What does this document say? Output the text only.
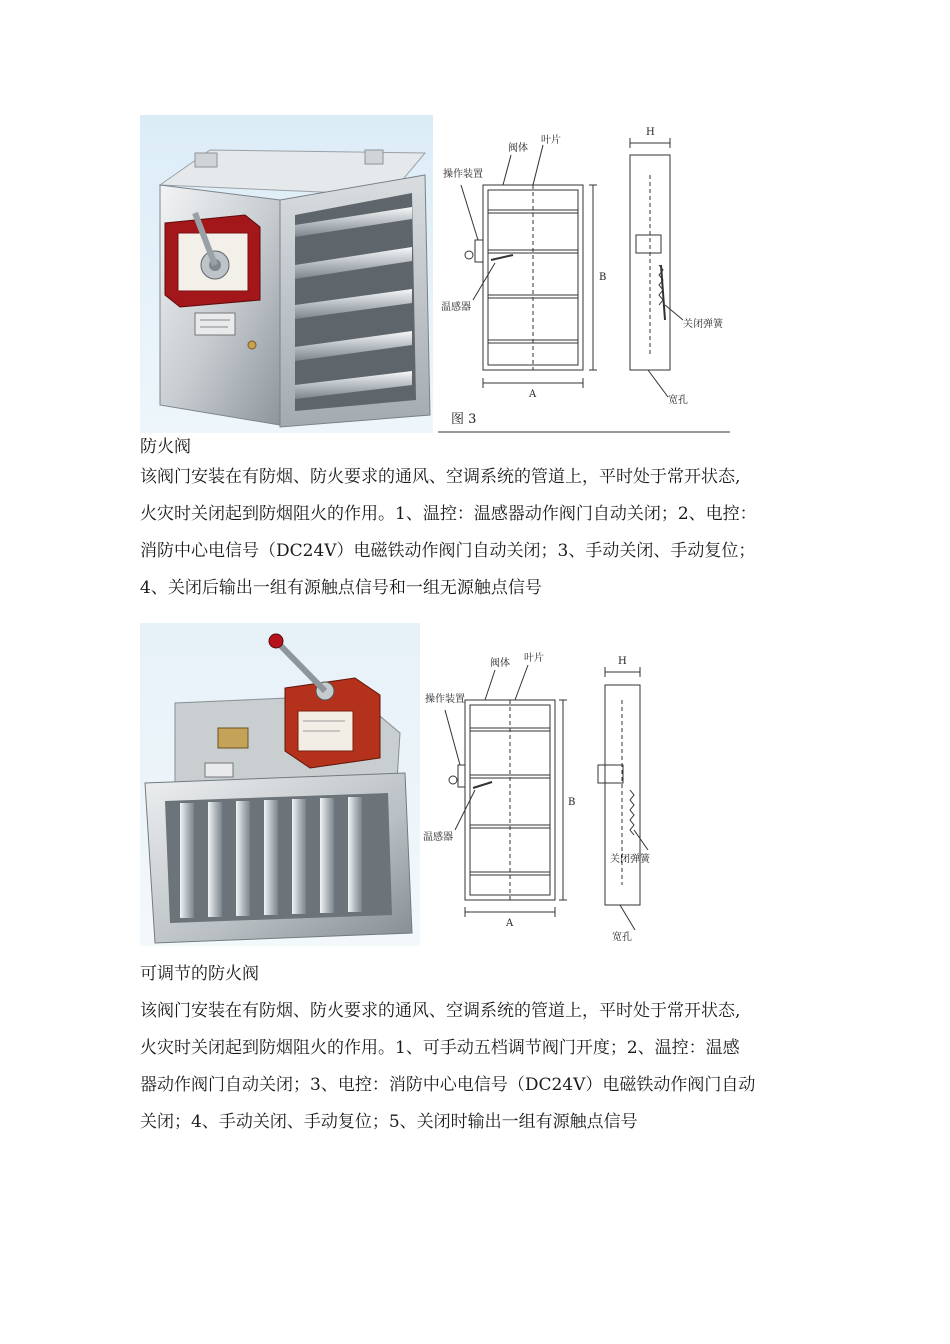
阀体
叶片
操作装置
温感器
关闭弹簧
宽孔
A
B
H
图 3
防火阀
该阀门安装在有防烟、防火要求的通风、空调系统的管道上，平时处于常开状态,
火灾时关闭起到防烟阻火的作用。1、温控：温感器动作阀门自动关闭；2、电控：
消防中心电信号（DC24V）电磁铁动作阀门自动关闭；3、手动关闭、手动复位；
4、关闭后输出一组有源触点信号和一组无源触点信号
阀体 叶片
操作装置
温感器
关闭弹簧
宽孔
A
B
H
可调节的防火阀
该阀门安装在有防烟、防火要求的通风、空调系统的管道上，平时处于常开状态,
火灾时关闭起到防烟阻火的作用。1、可手动五档调节阀门开度；2、温控：温感
器动作阀门自动关闭；3、电控：消防中心电信号（DC24V）电磁铁动作阀门自动
关闭；4、手动关闭、手动复位；5、关闭时输出一组有源触点信号
